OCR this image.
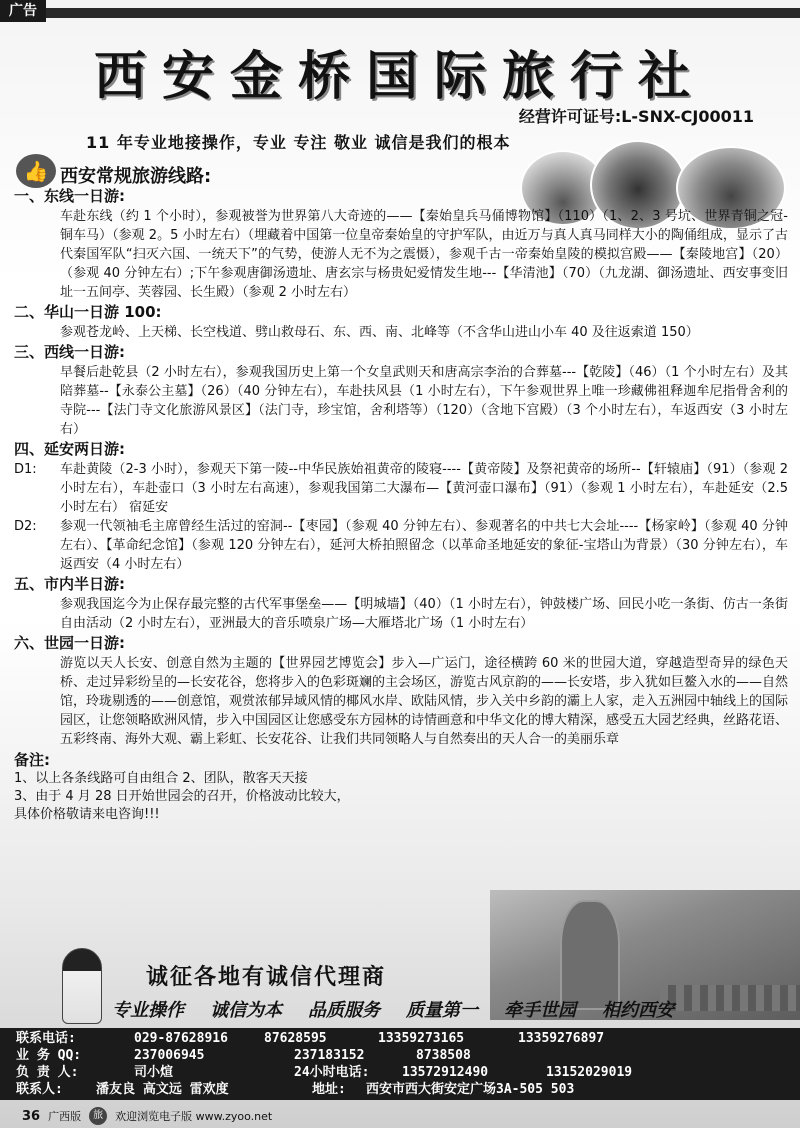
广告
西安金桥国际旅行社
经营许可证号:L-SNX-CJ00011
11 年专业地接操作，专业 专注 敬业 诚信是我们的根本
👍 西安常规旅游线路:
一、东线一日游:
车赴东线（约 1 个小时），参观被誉为世界第八大奇迹的——【秦始皇兵马俑博物馆】（110）（1、2、3 号坑、世界青铜之冠-铜车马）（参观 2。5 小时左右）（埋藏着中国第一位皇帝秦始皇的守护军队，由近万与真人真马同样大小的陶俑组成，显示了古代秦国军队“扫灭六国、一统天下”的气势，使游人无不为之震慑），参观千古一帝秦始皇陵的模拟宫殿——【秦陵地宫】（20）（参观 40 分钟左右）;下午参观唐御汤遗址、唐玄宗与杨贵妃爱情发生地---【华清池】（70）（九龙湖、御汤遗址、西安事变旧址一五间亭、芙蓉园、长生殿）（参观 2 小时左右）
二、华山一日游 100:
参观苍龙岭、上天梯、长空栈道、劈山救母石、东、西、南、北峰等（不含华山进山小车 40 及往返索道 150）
三、西线一日游:
早餐后赴乾县（2 小时左右），参观我国历史上第一个女皇武则天和唐高宗李治的合葬墓---【乾陵】（46）（1 个小时左右）及其陪葬墓--【永泰公主墓】（26）（40 分钟左右），车赴扶风县（1 小时左右），下午参观世界上唯一珍藏佛祖释迦牟尼指骨舍利的寺院---【法门寺文化旅游风景区】（法门寺，珍宝馆，舍利塔等）（120）（含地下宫殿）（3 个小时左右），车返西安（3 小时左右）
四、延安两日游:
D1:	车赴黄陵（2-3 小时），参观天下第一陵--中华民族始祖黄帝的陵寝----【黄帝陵】及祭祀黄帝的场所--【轩辕庙】（91）（参观 2 小时左右），车赴壶口（3 小时左右高速），参观我国第二大瀑布—【黄河壶口瀑布】（91）（参观 1 小时左右），车赴延安（2.5 小时左右） 宿延安
D2:	参观一代领袖毛主席曾经生活过的窑洞--【枣园】（参观 40 分钟左右）、参观著名的中共七大会址----【杨家岭】（参观 40 分钟左右）、【革命纪念馆】（参观 120 分钟左右），延河大桥拍照留念（以革命圣地延安的象征-宝塔山为背景）（30 分钟左右），车返西安（4 小时左右）
五、市内半日游:
参观我国迄今为止保存最完整的古代军事堡垒——【明城墙】（40）（1 小时左右），钟鼓楼广场、回民小吃一条街、仿古一条街自由活动（2 小时左右），亚洲最大的音乐喷泉广场—大雁塔北广场（1 小时左右）
六、世园一日游:
游览以天人长安、创意自然为主题的【世界园艺博览会】步入—广运门，途径横跨 60 米的世园大道，穿越造型奇异的绿色天桥、走过异彩纷呈的—长安花谷，您将步入的色彩斑斓的主会场区，游览古风京韵的——长安塔，步入犹如巨鳌入水的——自然馆，玲珑剔透的——创意馆，观赏浓郁异域风情的椰风水岸、欧陆风情，步入关中乡韵的灞上人家，走入五洲园中轴线上的国际园区，让您领略欧洲风情，步入中国园区让您感受东方园林的诗情画意和中华文化的博大精深，感受五大园艺经典，丝路花语、五彩终南、海外大观、霸上彩虹、长安花谷、让我们共同领略人与自然奏出的天人合一的美丽乐章
备注:
1、以上各条线路可自由组合 2、团队，散客天天接
3、由于 4 月 28 日开始世园会的召开，价格波动比较大，
具体价格敬请来电咨询!!!
诚征各地有诚信代理商
专业操作 诚信为本 品质服务 质量第一 牵手世园 相约西安
联系电话:	029-87628916	87628595	13359273165	13359276897
业 务 QQ:	237006945	237183152	8738508
负 责 人:	司小煊	24小时电话:	13572912490	13152029019
联系人:	潘友良 高文远 雷欢度	地址:	西安市西大街安定广场3A-505 503
36 广西版	旅	欢迎浏览电子版 www.zyoo.net
